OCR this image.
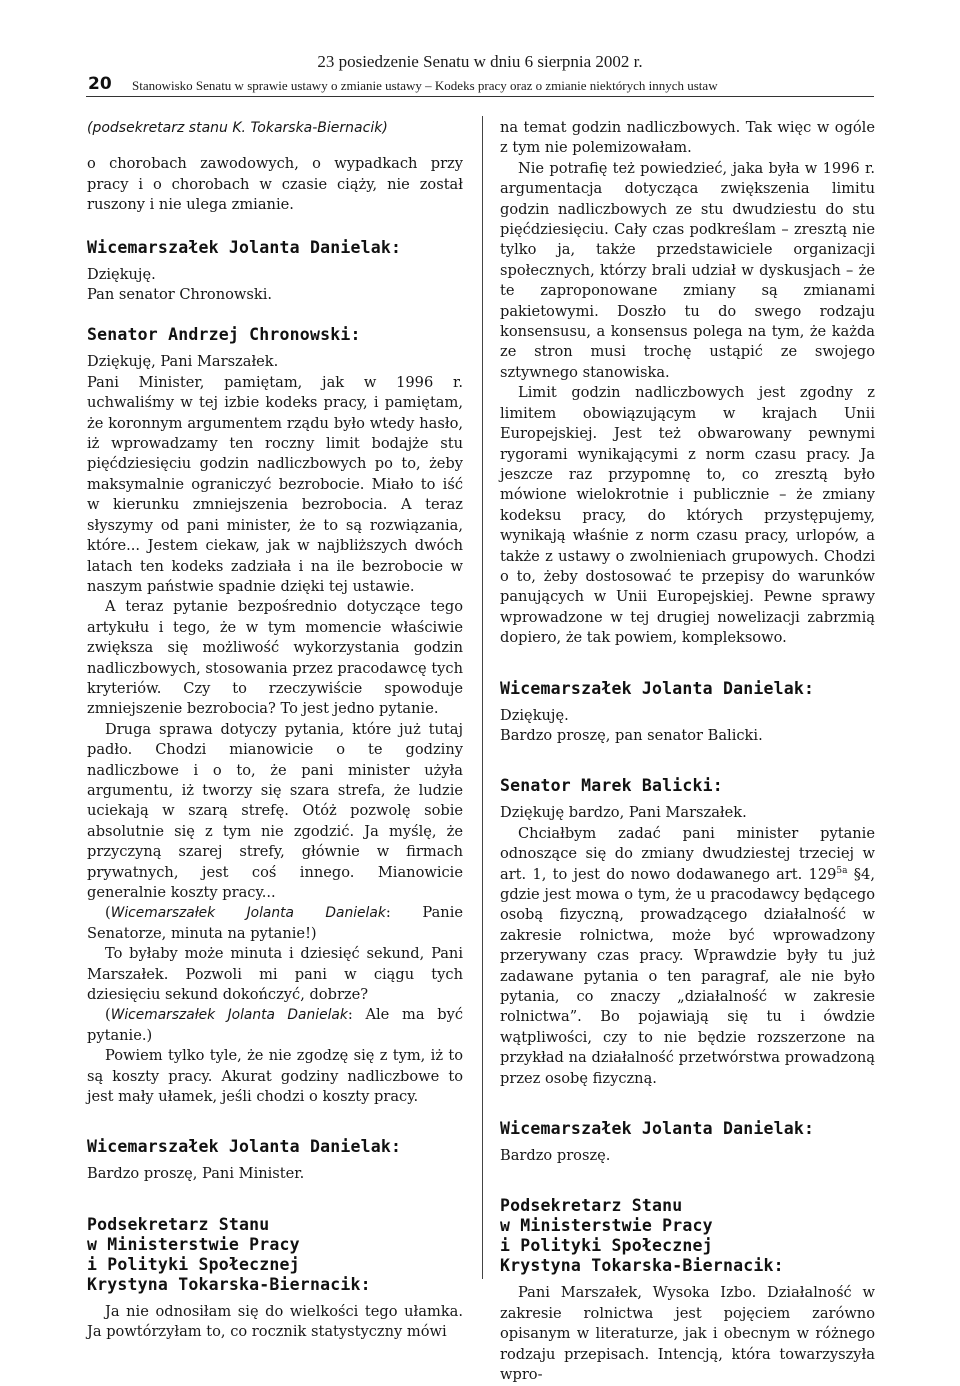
23 posiedzenie Senatu w dniu 6 sierpnia 2002 r.
20 Stanowisko Senatu w sprawie ustawy o zmianie ustawy – Kodeks pracy oraz o zmianie niektórych innych ustaw
(podsekretarz stanu K. Tokarska-Biernacik)

o chorobach zawodowych, o wypadkach przy pracy i o chorobach w czasie ciąży, nie został ruszony i nie ulega zmianie.

Wicemarszałek Jolanta Danielak:

Dziękuję.

Pan senator Chronowski.

Senator Andrzej Chronowski:

Dziękuję, Pani Marszałek.

Pani Minister, pamiętam, jak w 1996 r. uchwaliśmy w tej izbie kodeks pracy, i pamiętam, że koronnym argumentem rządu było wtedy hasło, iż wprowadzamy ten roczny limit bodajże stu pięćdziesięciu godzin nadliczbowych po to, żeby maksymalnie ograniczyć bezrobocie. Miało to iść w kierunku zmniejszenia bezrobocia. A teraz słyszymy od pani minister, że to są rozwiązania, które... Jestem ciekaw, jak w najbliższych dwóch latach ten kodeks zadziała i na ile bezrobocie w naszym państwie spadnie dzięki tej ustawie.

A teraz pytanie bezpośrednio dotyczące tego artykułu i tego, że w tym momencie właściwie zwiększa się możliwość wykorzystania godzin nadliczbowych, stosowania przez pracodawcę tych kryteriów. Czy to rzeczywiście spowoduje zmniejszenie bezrobocia? To jest jedno pytanie.

Druga sprawa dotyczy pytania, które już tutaj padło. Chodzi mianowicie o te godziny nadliczbowe i o to, że pani minister użyła argumentu, iż tworzy się szara strefa, że ludzie uciekają w szarą strefę. Otóż pozwolę sobie absolutnie się z tym nie zgodzić. Ja myślę, że przyczyną szarej strefy, głównie w firmach prywatnych, jest coś innego. Mianowicie generalnie koszty pracy...

(Wicemarszałek Jolanta Danielak: Panie Senatorze, minuta na pytanie!)

To byłaby może minuta i dziesięć sekund, Pani Marszałek. Pozwoli mi pani w ciągu tych dziesięciu sekund dokończyć, dobrze?

(Wicemarszałek Jolanta Danielak: Ale ma być pytanie.)

Powiem tylko tyle, że nie zgodzę się z tym, iż to są koszty pracy. Akurat godziny nadliczbowe to jest mały ułamek, jeśli chodzi o koszty pracy.

Wicemarszałek Jolanta Danielak:

Bardzo proszę, Pani Minister.

Podsekretarz Stanu
w Ministerstwie Pracy
i Polityki Społecznej
Krystyna Tokarska-Biernacik:

Ja nie odnosiłam się do wielkości tego ułamka. Ja powtórzyłam to, co rocznik statystyczny mówi

na temat godzin nadliczbowych. Tak więc w ogóle z tym nie polemizowałam.

Nie potrafię też powiedzieć, jaka była w 1996 r. argumentacja dotycząca zwiększenia limitu godzin nadliczbowych ze stu dwudziestu do stu pięćdziesięciu. Cały czas podkreślam – zresztą nie tylko ja, także przedstawiciele organizacji społecznych, którzy brali udział w dyskusjach – że te zaproponowane zmiany są zmianami pakietowymi. Doszło tu do swego rodzaju konsensusu, a konsensus polega na tym, że każda ze stron musi trochę ustąpić ze swojego sztywnego stanowiska.

Limit godzin nadliczbowych jest zgodny z limitem obowiązującym w krajach Unii Europejskiej. Jest też obwarowany pewnymi rygorami wynikającymi z norm czasu pracy. Ja jeszcze raz przypomnę to, co zresztą było mówione wielokrotnie i publicznie – że zmiany kodeksu pracy, do których przystępujemy, wynikają właśnie z norm czasu pracy, urlopów, a także z ustawy o zwolnieniach grupowych. Chodzi o to, żeby dostosować te przepisy do warunków panujących w Unii Europejskiej. Pewne sprawy wprowadzone w tej drugiej nowelizacji zabrzmią dopiero, że tak powiem, kompleksowo.

Wicemarszałek Jolanta Danielak:

Dziękuję.

Bardzo proszę, pan senator Balicki.

Senator Marek Balicki:

Dziękuję bardzo, Pani Marszałek.

Chciałbym zadać pani minister pytanie odnoszące się do zmiany dwudziestej trzeciej w art. 1, to jest do nowo dodawanego art. $129^{5a}$ §4, gdzie jest mowa o tym, że u pracodawcy będącego osobą fizyczną, prowadzącego działalność w zakresie rolnictwa, może być wprowadzony przerywany czas pracy. Wprawdzie były tu już zadawane pytania o ten paragraf, ale nie było pytania, co znaczy „działalność w zakresie rolnictwa”. Bo pojawiają się tu i ówdzie wątpliwości, czy to nie będzie rozszerzone na przykład na działalność przetwórstwa prowadzoną przez osobę fizyczną.

Wicemarszałek Jolanta Danielak:

Bardzo proszę.

Podsekretarz Stanu
w Ministerstwie Pracy
i Polityki Społecznej
Krystyna Tokarska-Biernacik:

Pani Marszałek, Wysoka Izbo. Działalność w zakresie rolnictwa jest pojęciem zarówno opisanym w literaturze, jak i obecnym w różnego rodzaju przepisach. Intencją, która towarzyszyła wpro-
